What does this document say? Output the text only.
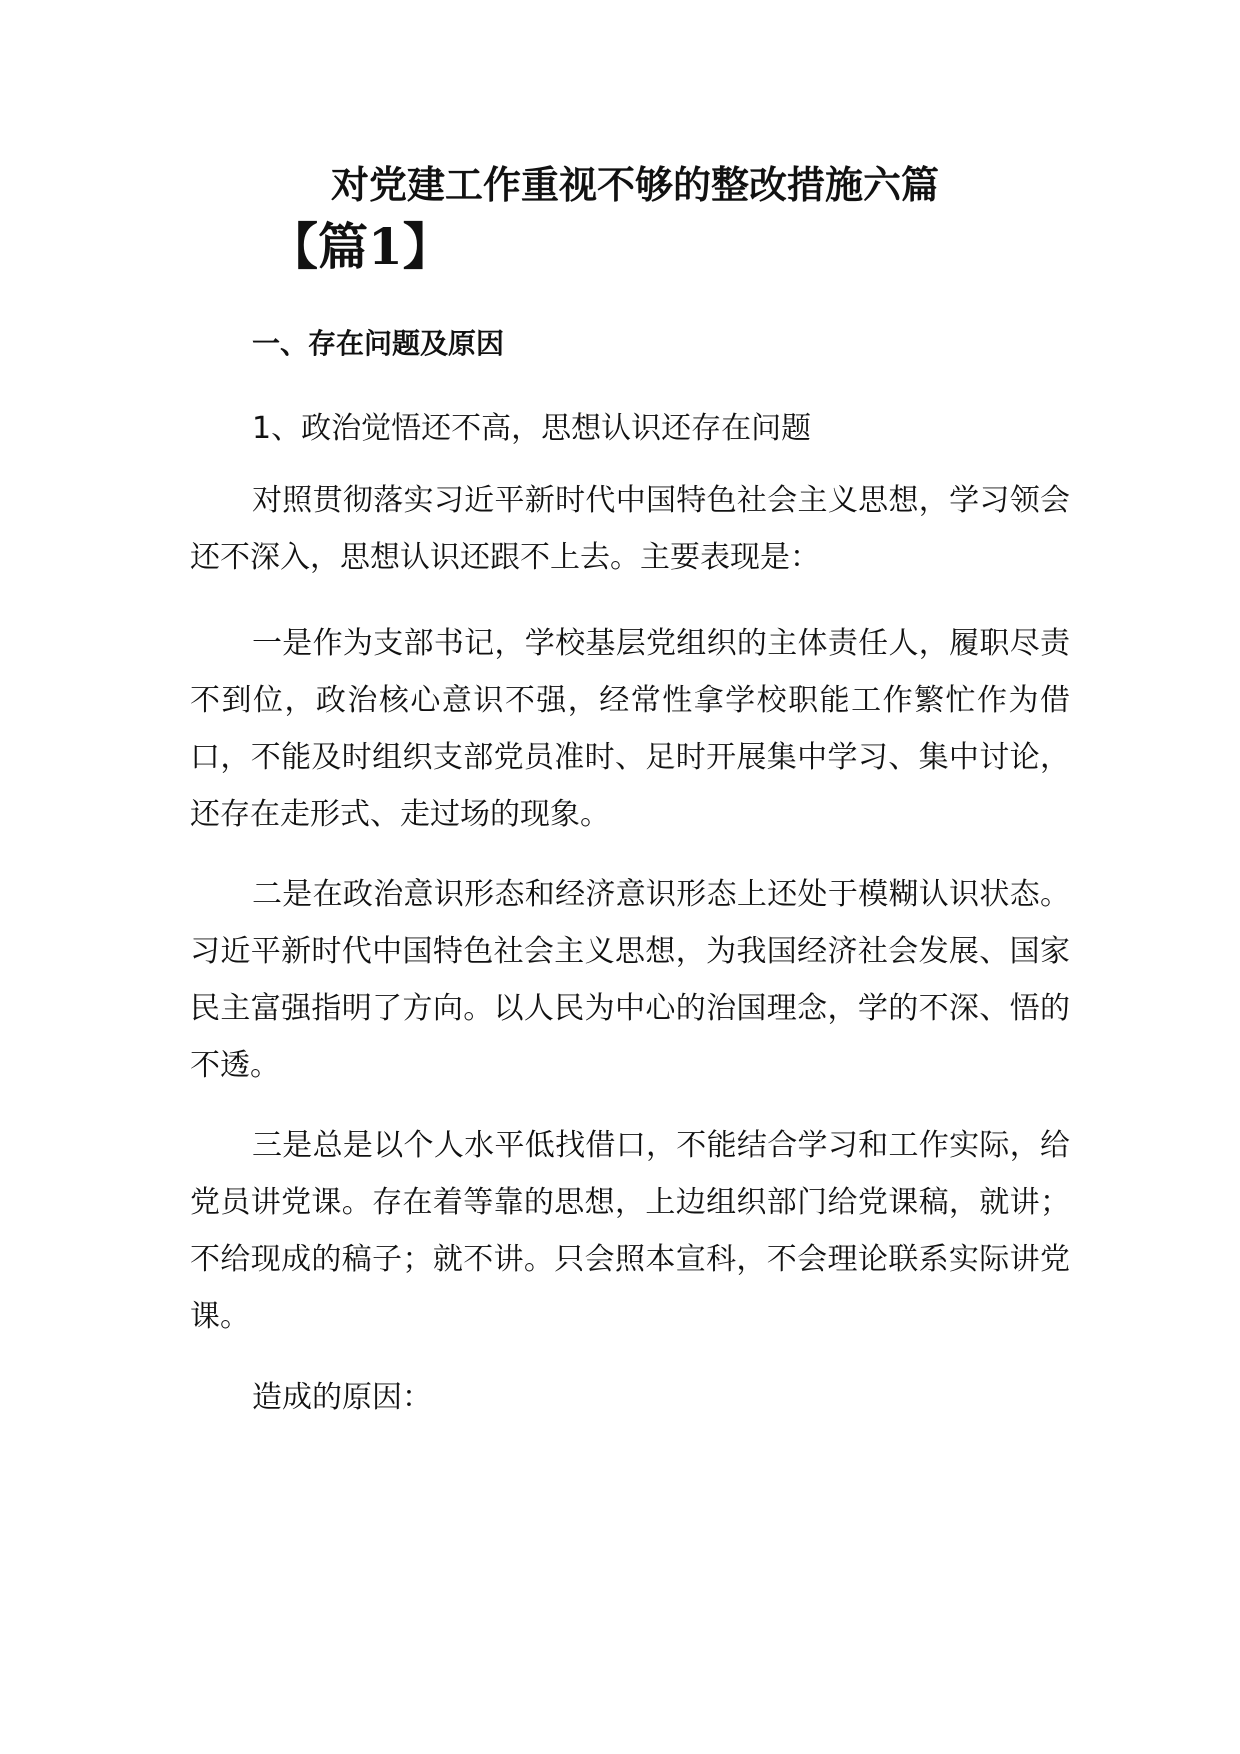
对党建工作重视不够的整改措施六篇
【篇1】
一、存在问题及原因

1、政治觉悟还不高，思想认识还存在问题

对照贯彻落实习近平新时代中国特色社会主义思想，学习领会还不深入，思想认识还跟不上去。主要表现是：

一是作为支部书记，学校基层党组织的主体责任人，履职尽责不到位，政治核心意识不强，经常性拿学校职能工作繁忙作为借口，不能及时组织支部党员准时、足时开展集中学习、集中讨论，还存在走形式、走过场的现象。

二是在政治意识形态和经济意识形态上还处于模糊认识状态。习近平新时代中国特色社会主义思想，为我国经济社会发展、国家民主富强指明了方向。以人民为中心的治国理念，学的不深、悟的不透。

三是总是以个人水平低找借口，不能结合学习和工作实际，给党员讲党课。存在着等靠的思想，上边组织部门给党课稿，就讲；不给现成的稿子；就不讲。只会照本宣科，不会理论联系实际讲党课。

造成的原因：
